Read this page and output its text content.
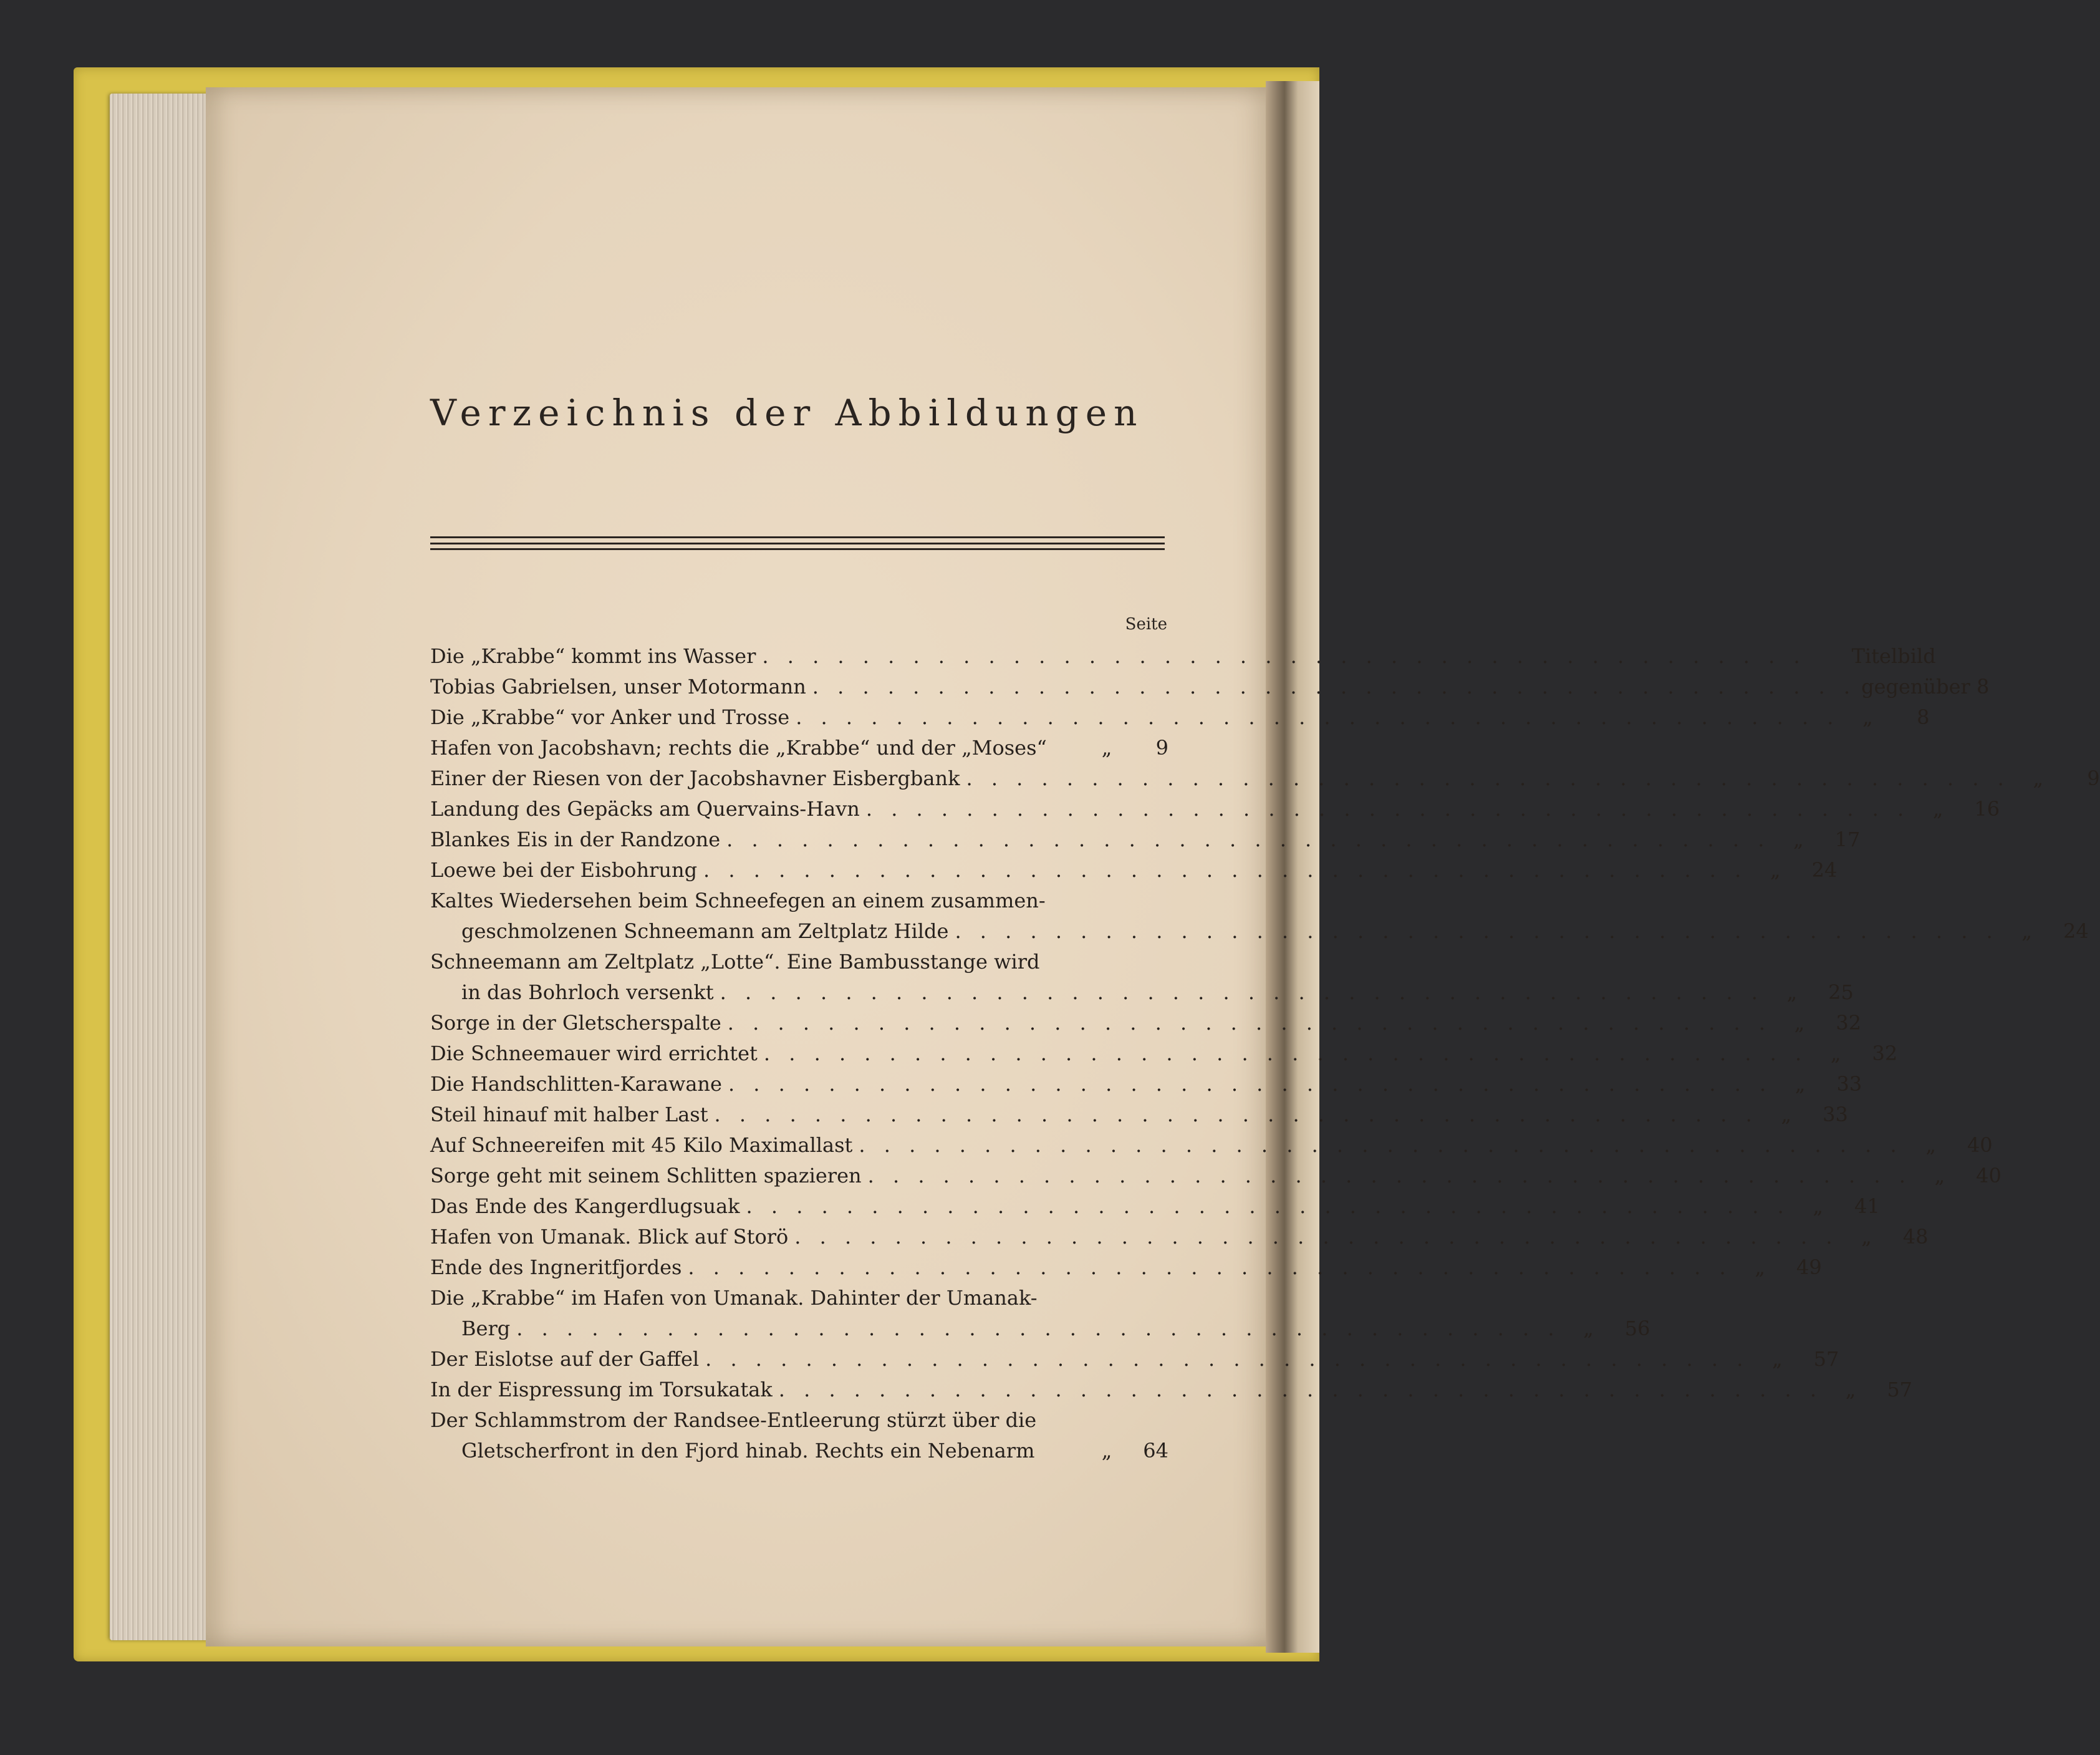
Verzeichnis der Abbildungen
Seite
Die „Krabbe“ kommt ins Wasser . . . . . . . . . . . . . . . . . . . . . . . . . . . . . . . . . . . . . . . . . .	Titelbild
Tobias Gabrielsen, unser Motormann . . . . . . . . . . . . . . . . . . . . . . . . . . . . . . . . . . . . . . . . . . gegenüber 8
Die „Krabbe“ vor Anker und Trosse . . . . . . . . . . . . . . . . . . . . . . . . . . . . . . . . . . . . . . . . . .	„	8
Hafen von Jacobshavn; rechts die „Krabbe“ und der „Moses“	„	9
Einer der Riesen von der Jacobshavner Eisbergbank . . . . . . . . . . . . . . . . . . . . . . . . . . . . . . . . . . . . . . . . . .	„	9
Landung des Gepäcks am Quervains-Havn . . . . . . . . . . . . . . . . . . . . . . . . . . . . . . . . . . . . . . . . . .	„	16
Blankes Eis in der Randzone . . . . . . . . . . . . . . . . . . . . . . . . . . . . . . . . . . . . . . . . . .	„	17
Loewe bei der Eisbohrung . . . . . . . . . . . . . . . . . . . . . . . . . . . . . . . . . . . . . . . . . .	„	24
Kaltes Wiedersehen beim Schneefegen an einem zusammen-
geschmolzenen Schneemann am Zeltplatz Hilde . . . . . . . . . . . . . . . . . . . . . . . . . . . . . . . . . . . . . . . . . .	„	24
Schneemann am Zeltplatz „Lotte“. Eine Bambusstange wird
in das Bohrloch versenkt . . . . . . . . . . . . . . . . . . . . . . . . . . . . . . . . . . . . . . . . . .	„	25
Sorge in der Gletscherspalte . . . . . . . . . . . . . . . . . . . . . . . . . . . . . . . . . . . . . . . . . .	„	32
Die Schneemauer wird errichtet . . . . . . . . . . . . . . . . . . . . . . . . . . . . . . . . . . . . . . . . . .	„	32
Die Handschlitten-Karawane . . . . . . . . . . . . . . . . . . . . . . . . . . . . . . . . . . . . . . . . . .	„	33
Steil hinauf mit halber Last . . . . . . . . . . . . . . . . . . . . . . . . . . . . . . . . . . . . . . . . . .	„	33
Auf Schneereifen mit 45 Kilo Maximallast . . . . . . . . . . . . . . . . . . . . . . . . . . . . . . . . . . . . . . . . . .	„	40
Sorge geht mit seinem Schlitten spazieren . . . . . . . . . . . . . . . . . . . . . . . . . . . . . . . . . . . . . . . . . .	„	40
Das Ende des Kangerdlugsuak . . . . . . . . . . . . . . . . . . . . . . . . . . . . . . . . . . . . . . . . . .	„	41
Hafen von Umanak. Blick auf Storö . . . . . . . . . . . . . . . . . . . . . . . . . . . . . . . . . . . . . . . . . .	„	48
Ende des Ingneritfjordes . . . . . . . . . . . . . . . . . . . . . . . . . . . . . . . . . . . . . . . . . .	„	49
Die „Krabbe“ im Hafen von Umanak. Dahinter der Umanak-
Berg . . . . . . . . . . . . . . . . . . . . . . . . . . . . . . . . . . . . . . . . . .	„	56
Der Eislotse auf der Gaffel . . . . . . . . . . . . . . . . . . . . . . . . . . . . . . . . . . . . . . . . . .	„	57
In der Eispressung im Torsukatak . . . . . . . . . . . . . . . . . . . . . . . . . . . . . . . . . . . . . . . . . .	„	57
Der Schlammstrom der Randsee-Entleerung stürzt über die
Gletscherfront in den Fjord hinab. Rechts ein Nebenarm	„	64
